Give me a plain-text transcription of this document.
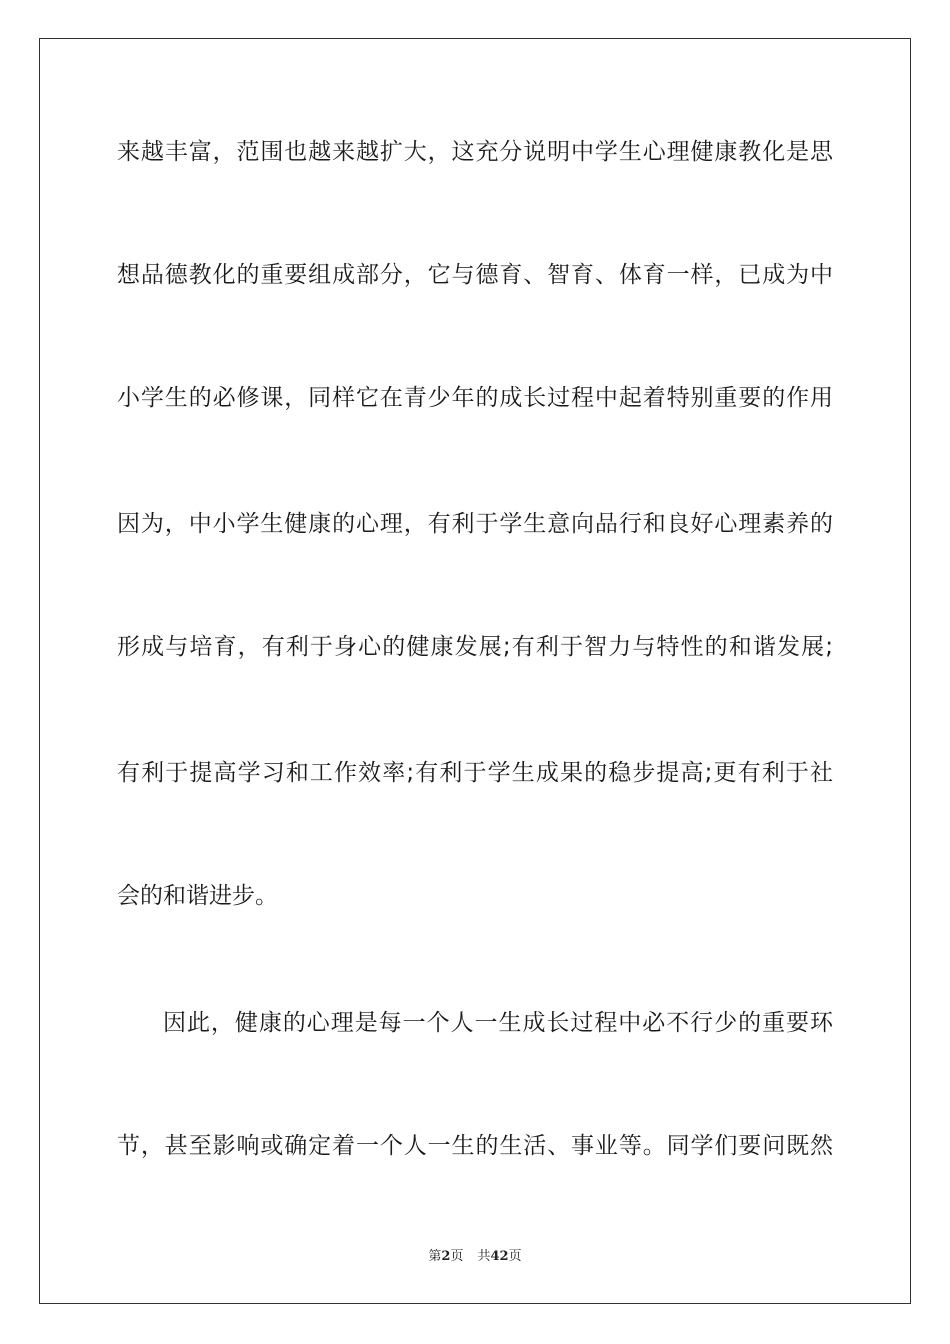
来越丰富，范围也越来越扩大，这充分说明中学生心理健康教化是思
想品德教化的重要组成部分，它与德育、智育、体育一样，已成为中
小学生的必修课，同样它在青少年的成长过程中起着特别重要的作用
因为，中小学生健康的心理，有利于学生意向品行和良好心理素养的
形成与培育，有利于身心的健康发展;有利于智力与特性的和谐发展;
有利于提高学习和工作效率;有利于学生成果的稳步提高;更有利于社
会的和谐进步。
因此，健康的心理是每一个人一生成长过程中必不行少的重要环
节，甚至影响或确定着一个人一生的生活、事业等。同学们要问既然
第2页 共42页
